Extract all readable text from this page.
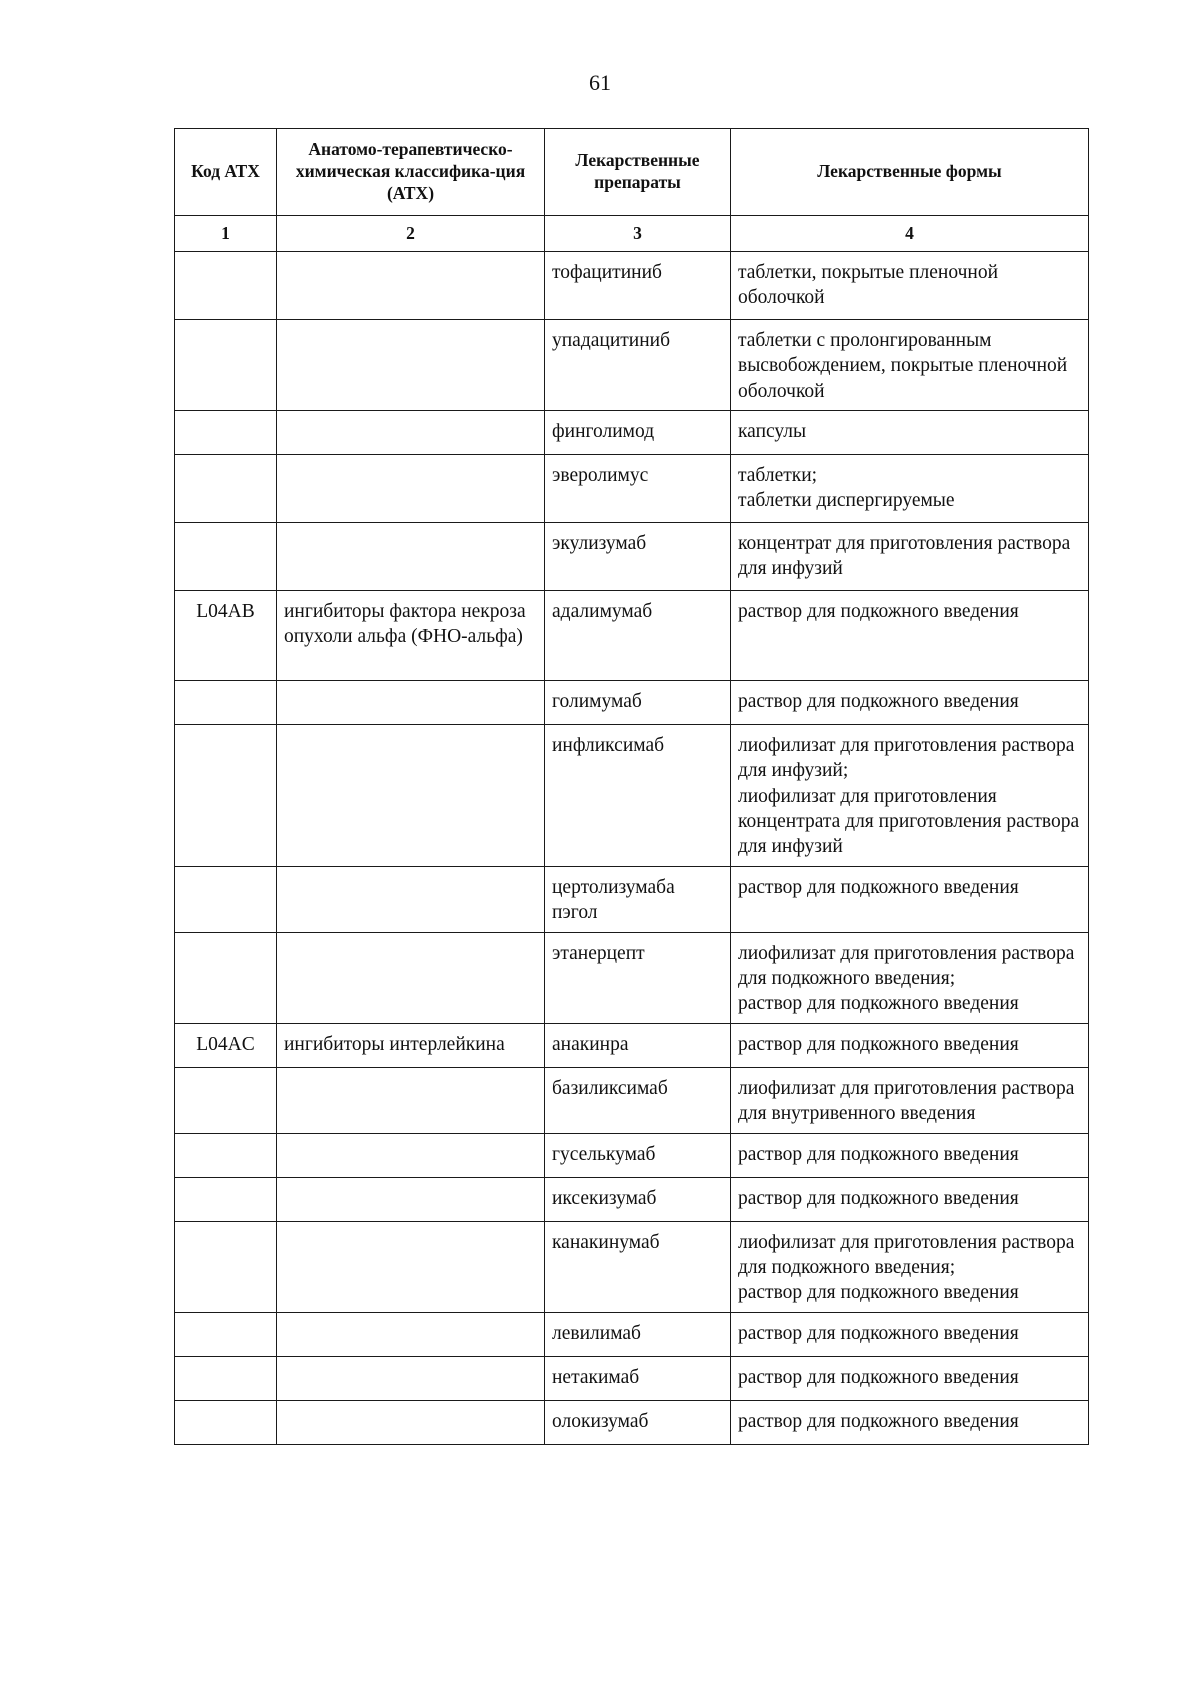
61
Код АТХ	Анатомо-терапевтическо-химическая классифика-ция (АТХ)	Лекарственные препараты	Лекарственные формы
1	2	3	4
		тофацитиниб	таблетки, покрытые пленочной оболочкой
		упадацитиниб	таблетки с пролонгированным высвобождением, покрытые пленочной оболочкой
		финголимод	капсулы
		эверолимус	таблетки;
таблетки диспергируемые
		экулизумаб	концентрат для приготовления раствора для инфузий
L04AB	ингибиторы фактора некроза опухоли альфа (ФНО-альфа)	адалимумаб	раствор для подкожного введения
		голимумаб	раствор для подкожного введения
		инфликсимаб	лиофилизат для приготовления раствора для инфузий;
лиофилизат для приготовления концентрата для приготовления раствора для инфузий
		цертолизумаба пэгол	раствор для подкожного введения
		этанерцепт	лиофилизат для приготовления раствора для подкожного введения;
раствор для подкожного введения
L04AC	ингибиторы интерлейкина	анакинра	раствор для подкожного введения
		базиликсимаб	лиофилизат для приготовления раствора для внутривенного введения
		гуселькумаб	раствор для подкожного введения
		иксекизумаб	раствор для подкожного введения
		канакинумаб	лиофилизат для приготовления раствора для подкожного введения;
раствор для подкожного введения
		левилимаб	раствор для подкожного введения
		нетакимаб	раствор для подкожного введения
		олокизумаб	раствор для подкожного введения
